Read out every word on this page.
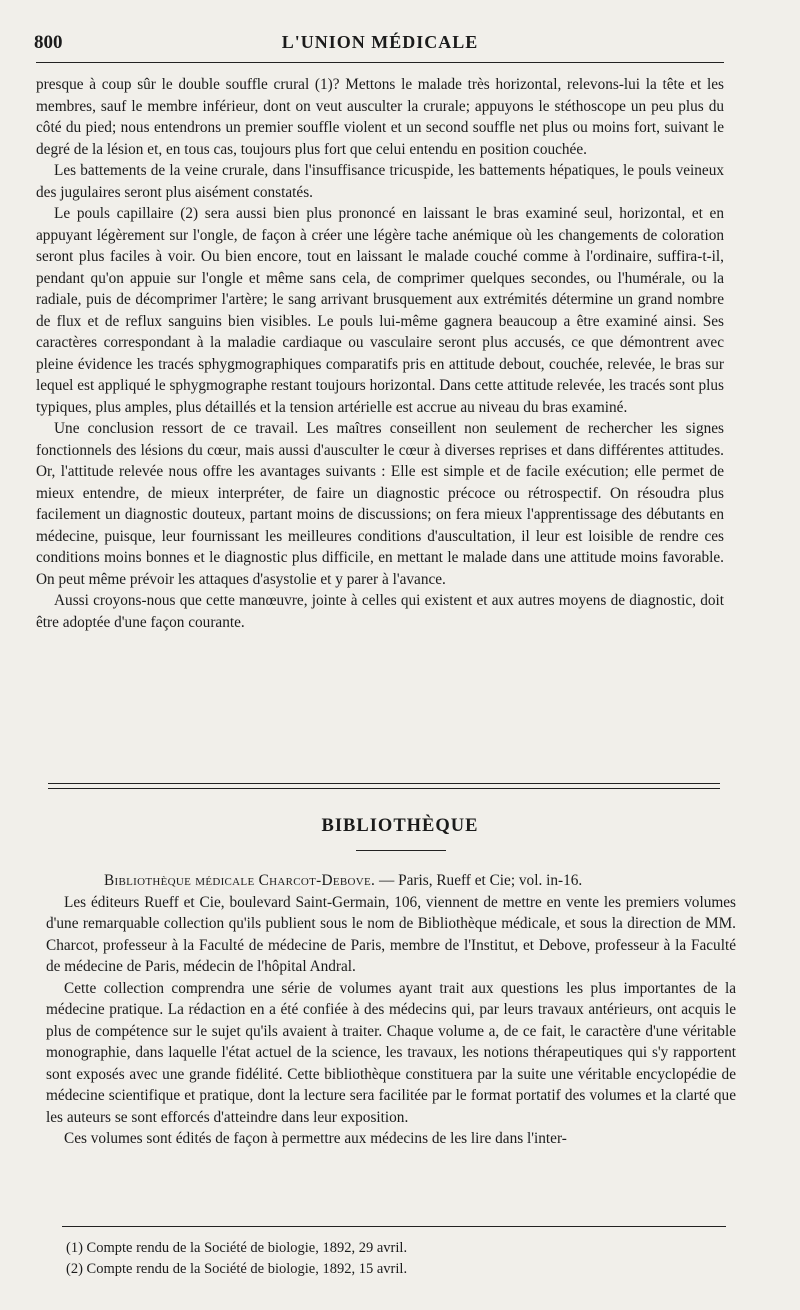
800	L'UNION MÉDICALE

presque à coup sûr le double souffle crural (1)? Mettons le malade très horizontal, relevons-lui la tête et les membres, sauf le membre inférieur, dont on veut ausculter la crurale; appuyons le stéthoscope un peu plus du côté du pied; nous entendrons un premier souffle violent et un second souffle net plus ou moins fort, suivant le degré de la lésion et, en tous cas, toujours plus fort que celui entendu en position couchée.

Les battements de la veine crurale, dans l'insuffisance tricuspide, les battements hépatiques, le pouls veineux des jugulaires seront plus aisément constatés.

Le pouls capillaire (2) sera aussi bien plus prononcé en laissant le bras examiné seul, horizontal, et en appuyant légèrement sur l'ongle, de façon à créer une légère tache anémique où les changements de coloration seront plus faciles à voir. Ou bien encore, tout en laissant le malade couché comme à l'ordinaire, suffira-t-il, pendant qu'on appuie sur l'ongle et même sans cela, de comprimer quelques secondes, ou l'humérale, ou la radiale, puis de décomprimer l'artère; le sang arrivant brusquement aux extrémités détermine un grand nombre de flux et de reflux sanguins bien visibles. Le pouls lui-même gagnera beaucoup a être examiné ainsi. Ses caractères correspondant à la maladie cardiaque ou vasculaire seront plus accusés, ce que démontrent avec pleine évidence les tracés sphygmographiques comparatifs pris en attitude debout, couchée, relevée, le bras sur lequel est appliqué le sphygmographe restant toujours horizontal. Dans cette attitude relevée, les tracés sont plus typiques, plus amples, plus détaillés et la tension artérielle est accrue au niveau du bras examiné.

Une conclusion ressort de ce travail. Les maîtres conseillent non seulement de rechercher les signes fonctionnels des lésions du cœur, mais aussi d'ausculter le cœur à diverses reprises et dans différentes attitudes. Or, l'attitude relevée nous offre les avantages suivants : Elle est simple et de facile exécution; elle permet de mieux entendre, de mieux interpréter, de faire un diagnostic précoce ou rétrospectif. On résoudra plus facilement un diagnostic douteux, partant moins de discussions; on fera mieux l'apprentissage des débutants en médecine, puisque, leur fournissant les meilleures conditions d'auscultation, il leur est loisible de rendre ces conditions moins bonnes et le diagnostic plus difficile, en mettant le malade dans une attitude moins favorable. On peut même prévoir les attaques d'asystolie et y parer à l'avance.

Aussi croyons-nous que cette manœuvre, jointe à celles qui existent et aux autres moyens de diagnostic, doit être adoptée d'une façon courante.

BIBLIOTHÈQUE

Bibliothèque médicale Charcot-Debove. — Paris, Rueff et Cie; vol. in-16.

Les éditeurs Rueff et Cie, boulevard Saint-Germain, 106, viennent de mettre en vente les premiers volumes d'une remarquable collection qu'ils publient sous le nom de Bibliothèque médicale, et sous la direction de MM. Charcot, professeur à la Faculté de médecine de Paris, membre de l'Institut, et Debove, professeur à la Faculté de médecine de Paris, médecin de l'hôpital Andral.

Cette collection comprendra une série de volumes ayant trait aux questions les plus importantes de la médecine pratique. La rédaction en a été confiée à des médecins qui, par leurs travaux antérieurs, ont acquis le plus de compétence sur le sujet qu'ils avaient à traiter. Chaque volume a, de ce fait, le caractère d'une véritable monographie, dans laquelle l'état actuel de la science, les travaux, les notions thérapeutiques qui s'y rapportent sont exposés avec une grande fidélité. Cette bibliothèque constituera par la suite une véritable encyclopédie de médecine scientifique et pratique, dont la lecture sera facilitée par le format portatif des volumes et la clarté que les auteurs se sont efforcés d'atteindre dans leur exposition.

Ces volumes sont édités de façon à permettre aux médecins de les lire dans l'inter-

(1) Compte rendu de la Société de biologie, 1892, 29 avril.
(2) Compte rendu de la Société de biologie, 1892, 15 avril.
